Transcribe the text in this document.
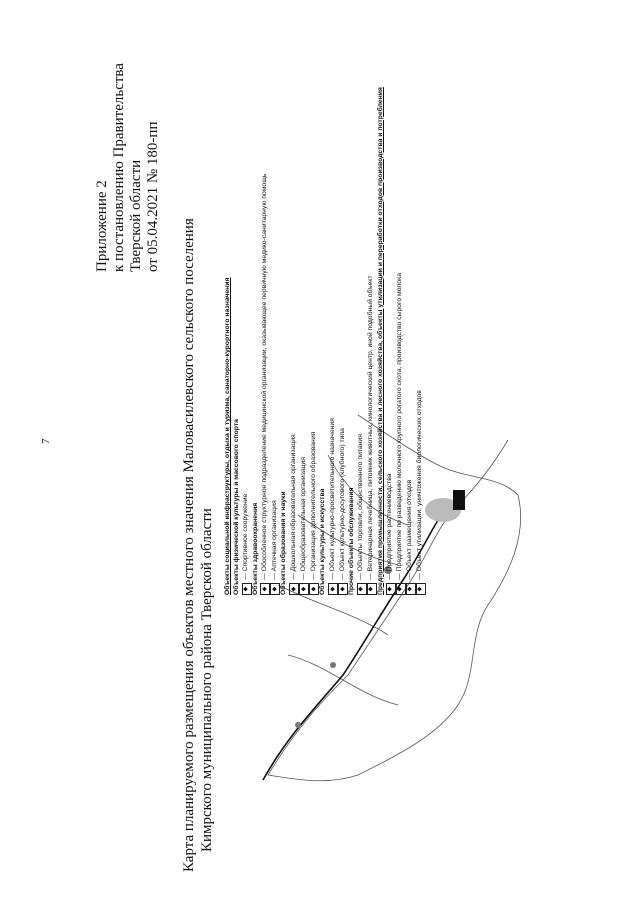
7
Приложение 2 к постановлению Правительства Тверской области от 05.04.2021 № 180-пп
Карта планируемого размещения объектов местного значения Маловасилевского сельского поселения Кимрского муниципального района Тверской области
Объекты социальной инфраструктуры, отдыха и туризма, санаторно-курортного назначения Объекты физической культуры и массового спорта ◆
— Спортивное сооружение Объекты здравоохранения ◆
— Обособленное структурное подразделение медицинской организации, оказывающее первичную медико-санитарную помощь
◆
— Аптечная организация Объекты образования и науки ◆
— Дошкольная образовательная организация
◆
— Общеобразовательная организация
◆
— Организация дополнительного образования Объекты культуры и искусства ◆
— Объект культурно-просветительного назначения
◆
— Объект культурно-досугового (клубного) типа Прочие объекты обслуживания ◆
— Объекты торговли, общественного питания
◆
— Ветеринарная лечебница, питомник животных, кинологический центр, иной подобный объект Предприятия промышленности, сельского хозяйства и лесного хозяйства, объекты утилизации и переработки отходов производства и потребления ◆
— Предприятие растениеводства
◆
— Предприятие по разведению молочного крупного рогатого скота, производство сырого молока
◆
— Объект размещения отходов
◆
— Объект утилизации, уничтожения биологических отходов
